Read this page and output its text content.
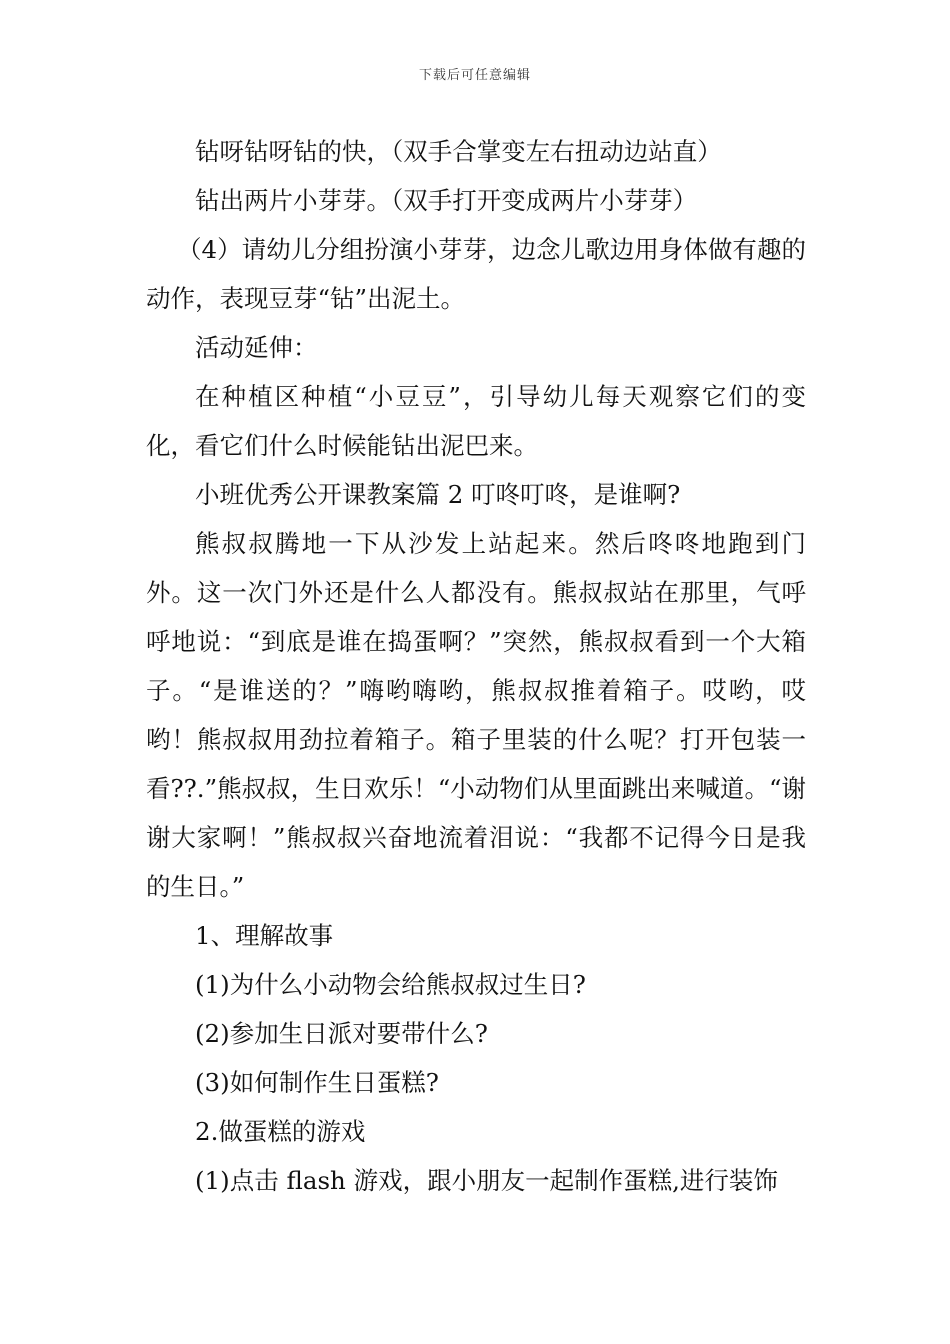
下载后可任意编辑

钻呀钻呀钻的快，（双手合掌变左右扭动边站直）

钻出两片小芽芽。（双手打开变成两片小芽芽）

（4）请幼儿分组扮演小芽芽，边念儿歌边用身体做有趣的动作，表现豆芽“钻”出泥土。

活动延伸：

在种植区种植“小豆豆”，引导幼儿每天观察它们的变化，看它们什么时候能钻出泥巴来。

小班优秀公开课教案篇 2 叮咚叮咚，是谁啊?

熊叔叔腾地一下从沙发上站起来。然后咚咚地跑到门外。这一次门外还是什么人都没有。熊叔叔站在那里，气呼呼地说：“到底是谁在捣蛋啊？”突然，熊叔叔看到一个大箱子。“是谁送的？”嗨哟嗨哟，熊叔叔推着箱子。哎哟，哎哟！熊叔叔用劲拉着箱子。箱子里装的什么呢？打开包装一看??.”熊叔叔，生日欢乐！“小动物们从里面跳出来喊道。“谢谢大家啊！”熊叔叔兴奋地流着泪说：“我都不记得今日是我的生日。”

1、理解故事

(1)为什么小动物会给熊叔叔过生日?

(2)参加生日派对要带什么?

(3)如何制作生日蛋糕?

2.做蛋糕的游戏

(1)点击 flash 游戏，跟小朋友一起制作蛋糕,进行装饰
